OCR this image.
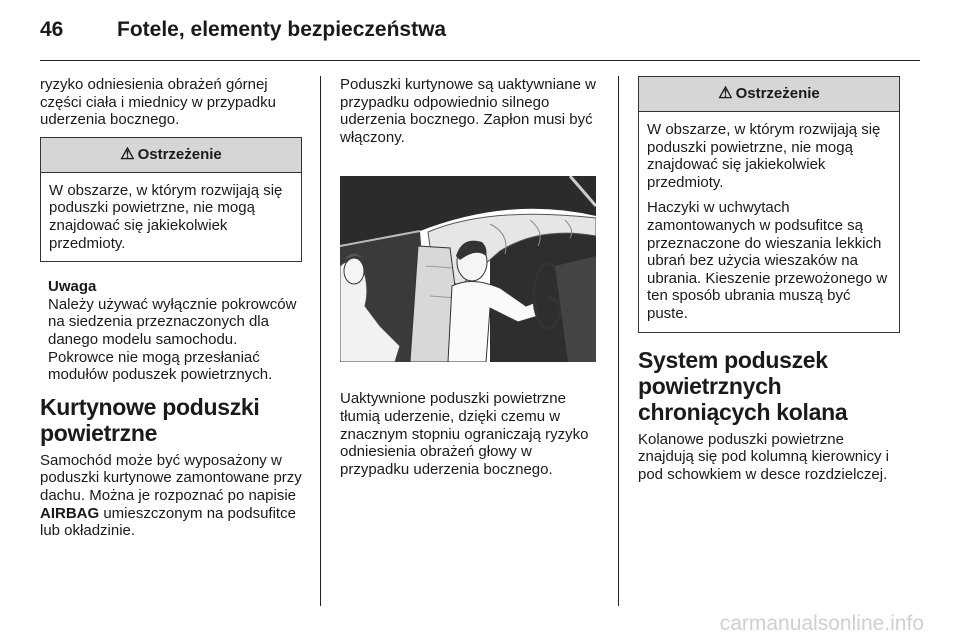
46	Fotele, elementy bezpieczeństwa

ryzyko odniesienia obrażeń górnej części ciała i miednicy w przypadku uderzenia bocznego.

⚠ Ostrzeżenie

W obszarze, w którym rozwijają się poduszki powietrzne, nie mogą znajdować się jakiekolwiek przedmioty.

Uwaga

Należy używać wyłącznie pokrowców na siedzenia przeznaczonych dla danego modelu samochodu. Pokrowce nie mogą przesłaniać modułów poduszek powietrznych.

Kurtynowe poduszki powietrzne

Samochód może być wyposażony w poduszki kurtynowe zamontowane przy dachu. Można je rozpoznać po napisie AIRBAG umieszczonym na podsufitce lub okładzinie.

Poduszki kurtynowe są uaktywniane w przypadku odpowiednio silnego uderzenia bocznego. Zapłon musi być włączony.

Uaktywnione poduszki powietrzne tłumią uderzenie, dzięki czemu w znacznym stopniu ograniczają ryzyko odniesienia obrażeń głowy w przypadku uderzenia bocznego.

⚠ Ostrzeżenie

W obszarze, w którym rozwijają się poduszki powietrzne, nie mogą znajdować się jakiekolwiek przedmioty.

Haczyki w uchwytach zamontowanych w podsufitce są przeznaczone do wieszania lekkich ubrań bez użycia wieszaków na ubrania. Kieszenie przewożonego w ten sposób ubrania muszą być puste.

System poduszek powietrznych chroniących kolana

Kolanowe poduszki powietrzne znajdują się pod kolumną kierownicy i pod schowkiem w desce rozdzielczej.

carmanualsonline.info
